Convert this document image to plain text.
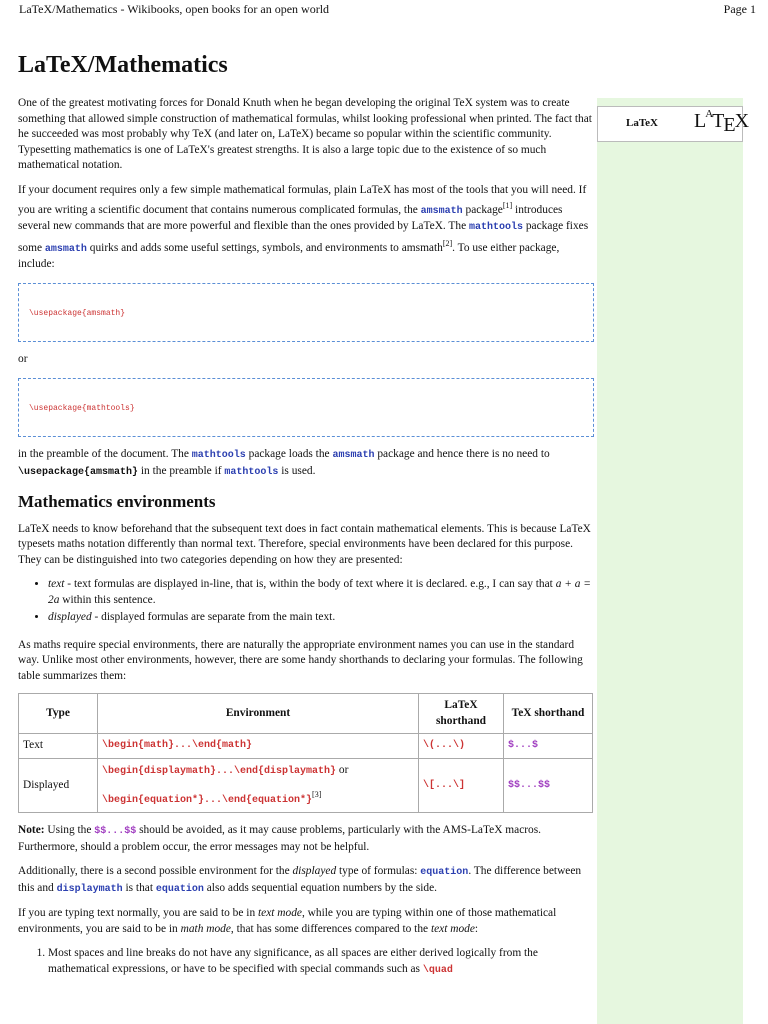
LaTeX/Mathematics - Wikibooks, open books for an open world	Page 1
LaTeX/Mathematics
LaTeX $L^AT_EX$

One of the greatest motivating forces for Donald Knuth when he began developing the original TeX system was to create something that allowed simple construction of mathematical formulas, whilst looking professional when printed. The fact that he succeeded was most probably why TeX (and later on, LaTeX) became so popular within the scientific community. Typesetting mathematics is one of LaTeX's greatest strengths. It is also a large topic due to the existence of so much mathematical notation.

If your document requires only a few simple mathematical formulas, plain LaTeX has most of the tools that you will need. If you are writing a scientific document that contains numerous complicated formulas, the amsmath package[1] introduces several new commands that are more powerful and flexible than the ones provided by LaTeX. The mathtools package fixes some amsmath quirks and adds some useful settings, symbols, and environments to amsmath[2]. To use either package, include:

\usepackage{amsmath}

or

\usepackage{mathtools}

in the preamble of the document. The mathtools package loads the amsmath package and hence there is no need to \usepackage{amsmath} in the preamble if mathtools is used.

Mathematics environments

LaTeX needs to know beforehand that the subsequent text does in fact contain mathematical elements. This is because LaTeX typesets maths notation differently than normal text. Therefore, special environments have been declared for this purpose. They can be distinguished into two categories depending on how they are presented:

• text - text formulas are displayed in-line, that is, within the body of text where it is declared. e.g., I can say that a + a = 2a within this sentence.
• displayed - displayed formulas are separate from the main text.

As maths require special environments, there are naturally the appropriate environment names you can use in the standard way. Unlike most other environments, however, there are some handy shorthands to declaring your formulas. The following table summarizes them:

Type	Environment	LaTeX shorthand	TeX shorthand
Text	\begin{math}...\end{math}	\(...\)	$...$
Displayed	\begin{displaymath}...\end{displaymath} or
\begin{equation*}...\end{equation*}[3]	\[...\]	$$...$$

Note: Using the $$...$$ should be avoided, as it may cause problems, particularly with the AMS-LaTeX macros. Furthermore, should a problem occur, the error messages may not be helpful.

Additionally, there is a second possible environment for the displayed type of formulas: equation. The difference between this and displaymath is that equation also adds sequential equation numbers by the side.

If you are typing text normally, you are said to be in text mode, while you are typing within one of those mathematical environments, you are said to be in math mode, that has some differences compared to the text mode:

1. Most spaces and line breaks do not have any significance, as all spaces are either derived logically from the mathematical expressions, or have to be specified with special commands such as \quad
